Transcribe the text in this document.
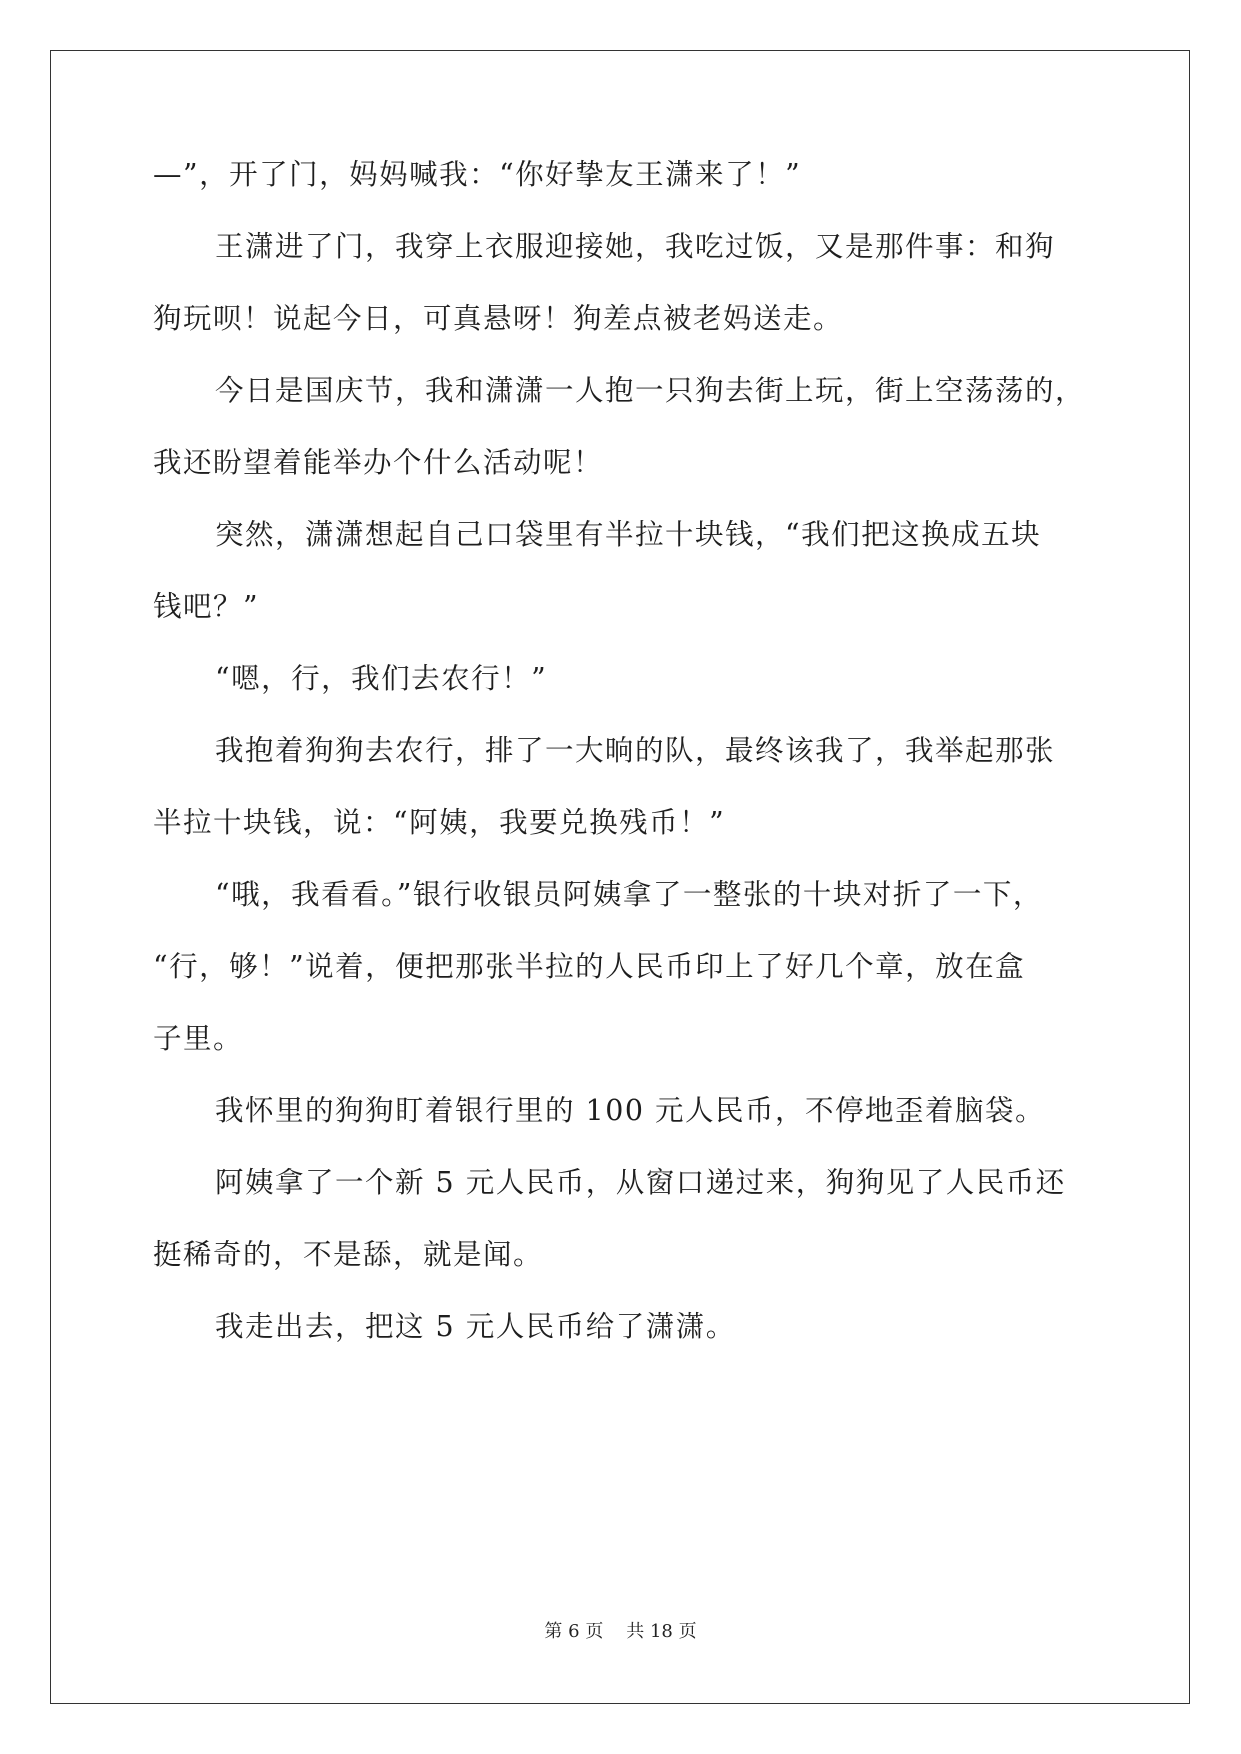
—”，开了门，妈妈喊我：“你好挚友王潇来了！”
王潇进了门，我穿上衣服迎接她，我吃过饭，又是那件事：和狗
狗玩呗！说起今日，可真悬呀！狗差点被老妈送走。
今日是国庆节，我和潇潇一人抱一只狗去街上玩，街上空荡荡的，
我还盼望着能举办个什么活动呢！
突然，潇潇想起自己口袋里有半拉十块钱，“我们把这换成五块
钱吧？”
“嗯，行，我们去农行！”
我抱着狗狗去农行，排了一大晌的队，最终该我了，我举起那张
半拉十块钱，说：“阿姨，我要兑换残币！”
“哦，我看看。”银行收银员阿姨拿了一整张的十块对折了一下，
“行，够！”说着，便把那张半拉的人民币印上了好几个章，放在盒
子里。
我怀里的狗狗盯着银行里的 100 元人民币，不停地歪着脑袋。
阿姨拿了一个新 5 元人民币，从窗口递过来，狗狗见了人民币还
挺稀奇的，不是舔，就是闻。
我走出去，把这 5 元人民币给了潇潇。
第 6 页 共 18 页
